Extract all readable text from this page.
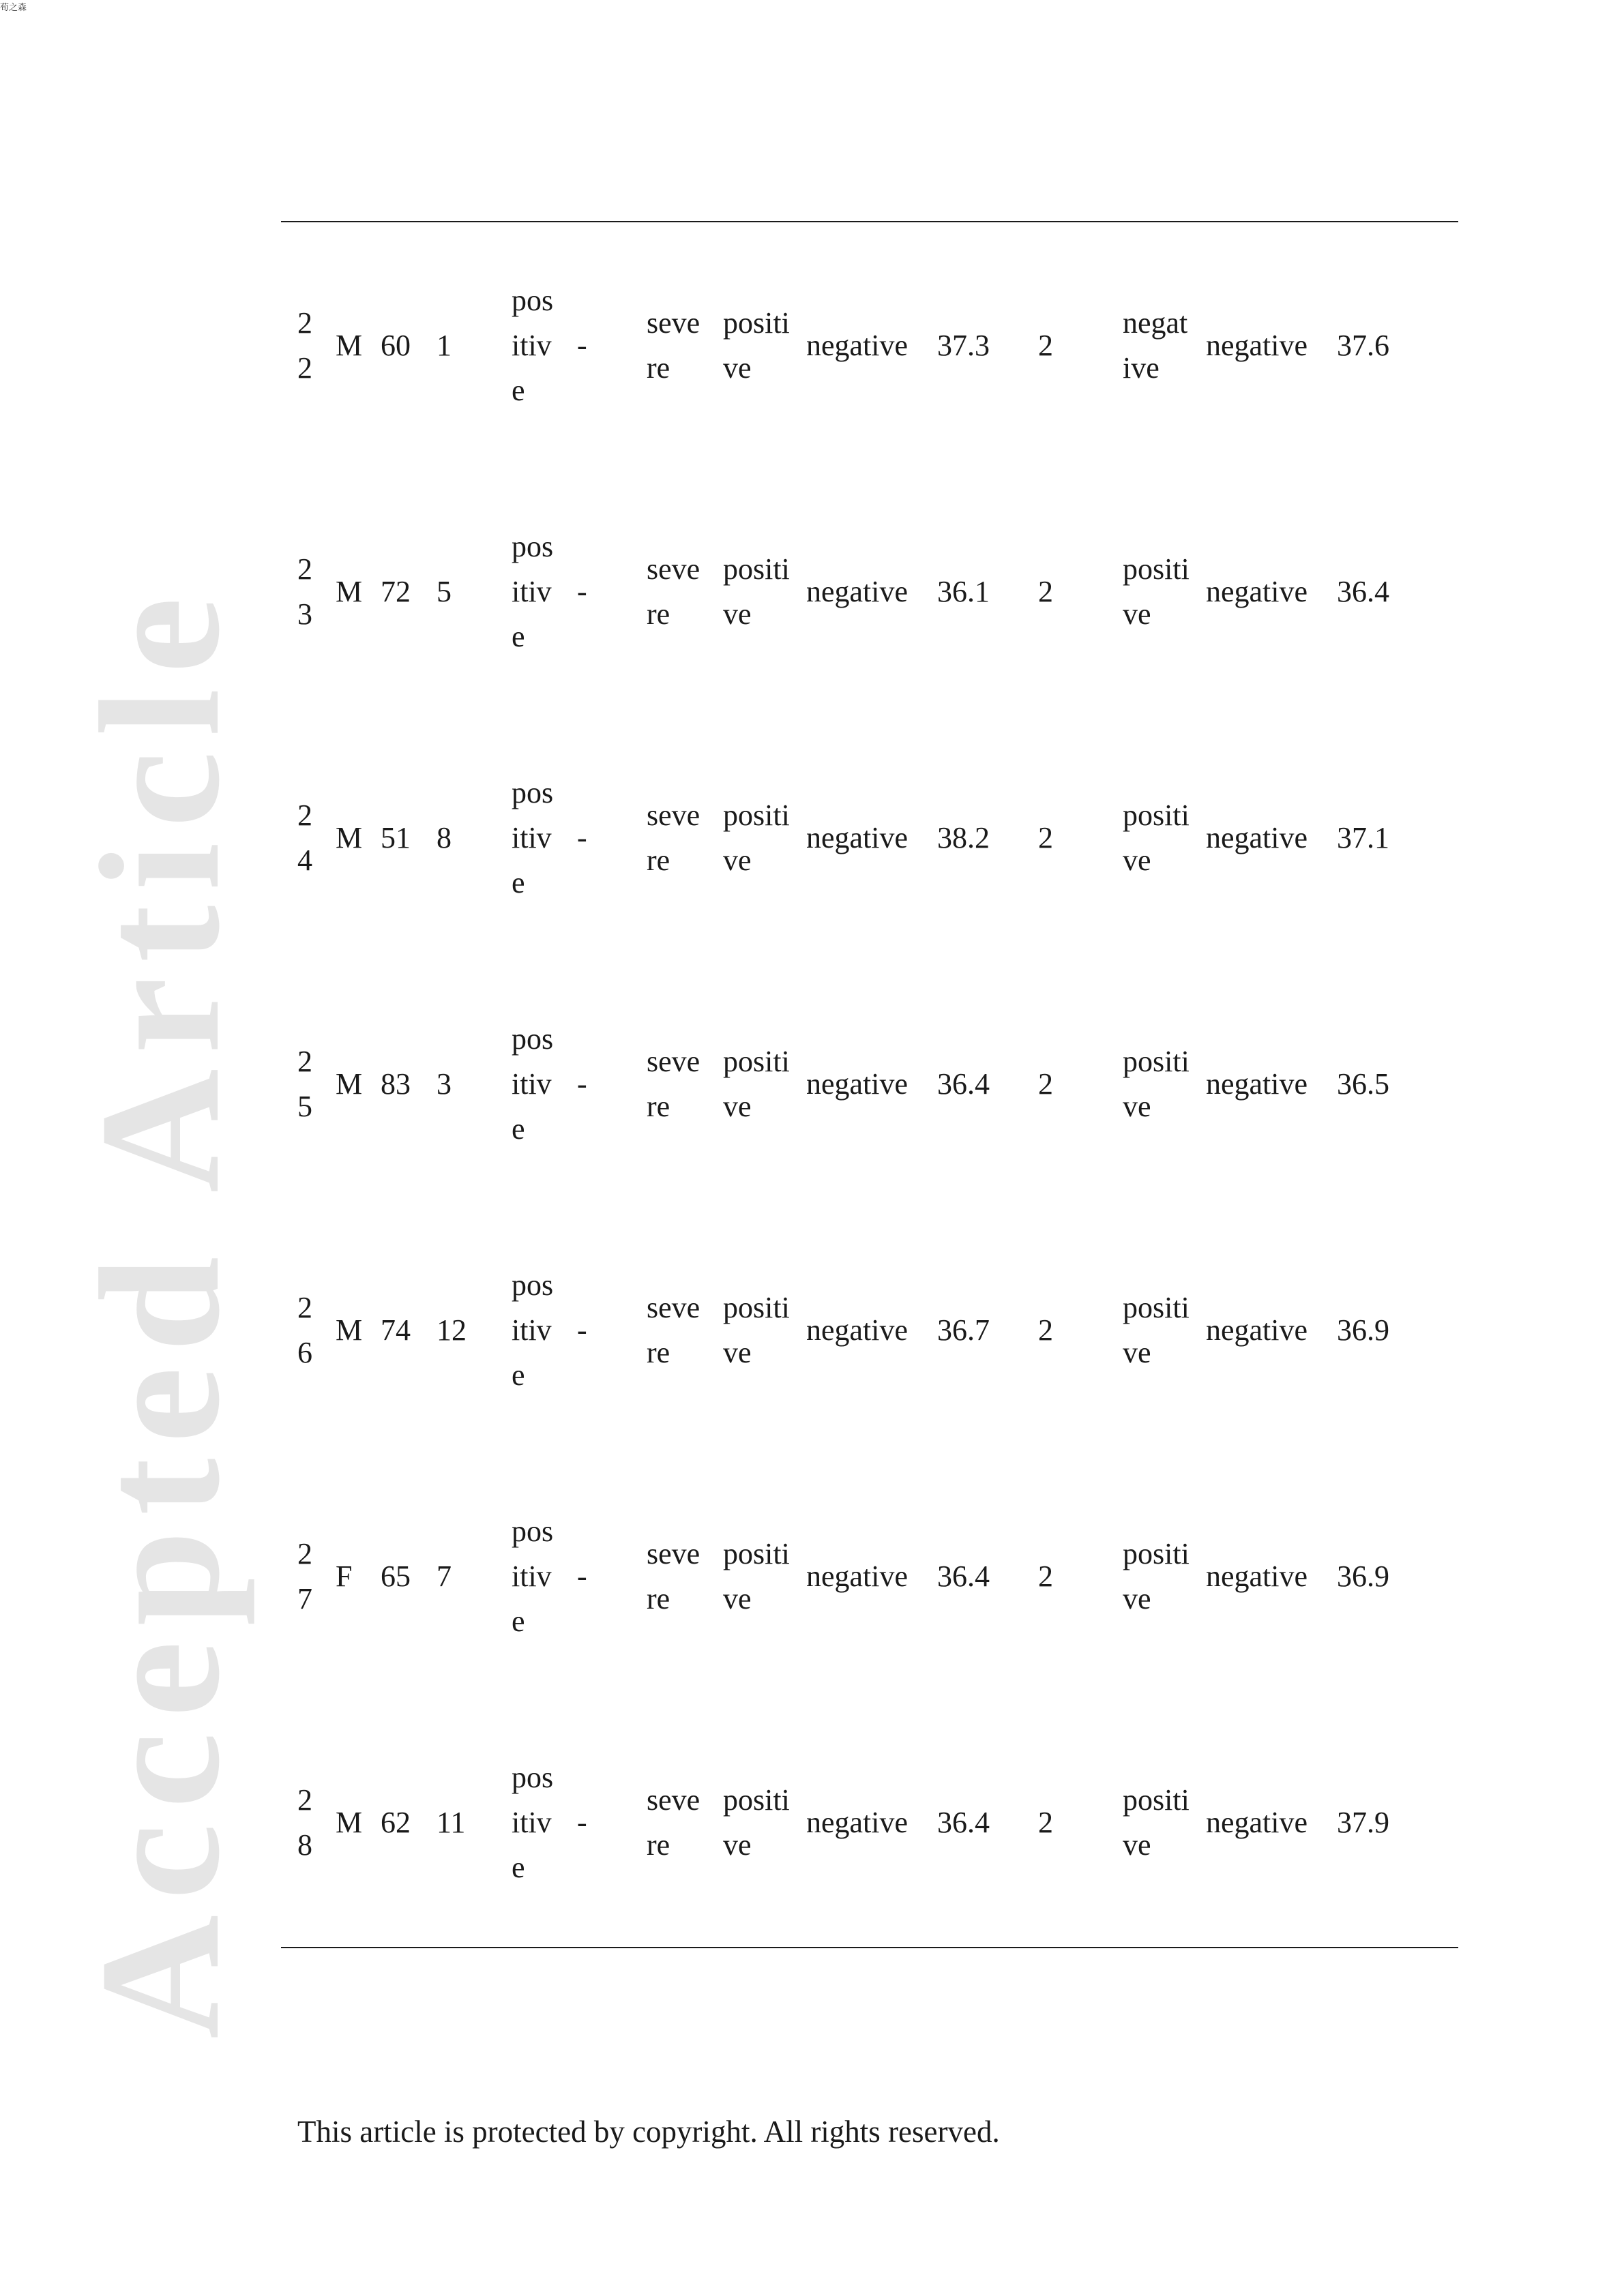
荀之森
Accepted Article
22	M	60	1	positive	-	severe	positive	negative	37.3	2	negative	negative	37.6
23	M	72	5	positive	-	severe	positive	negative	36.1	2	positive	negative	36.4
24	M	51	8	positive	-	severe	positive	negative	38.2	2	positive	negative	37.1
25	M	83	3	positive	-	severe	positive	negative	36.4	2	positive	negative	36.5
26	M	74	12	positive	-	severe	positive	negative	36.7	2	positive	negative	36.9
27	F	65	7	positive	-	severe	positive	negative	36.4	2	positive	negative	36.9
28	M	62	11	positive	-	severe	positive	negative	36.4	2	positive	negative	37.9
This article is protected by copyright. All rights reserved.
